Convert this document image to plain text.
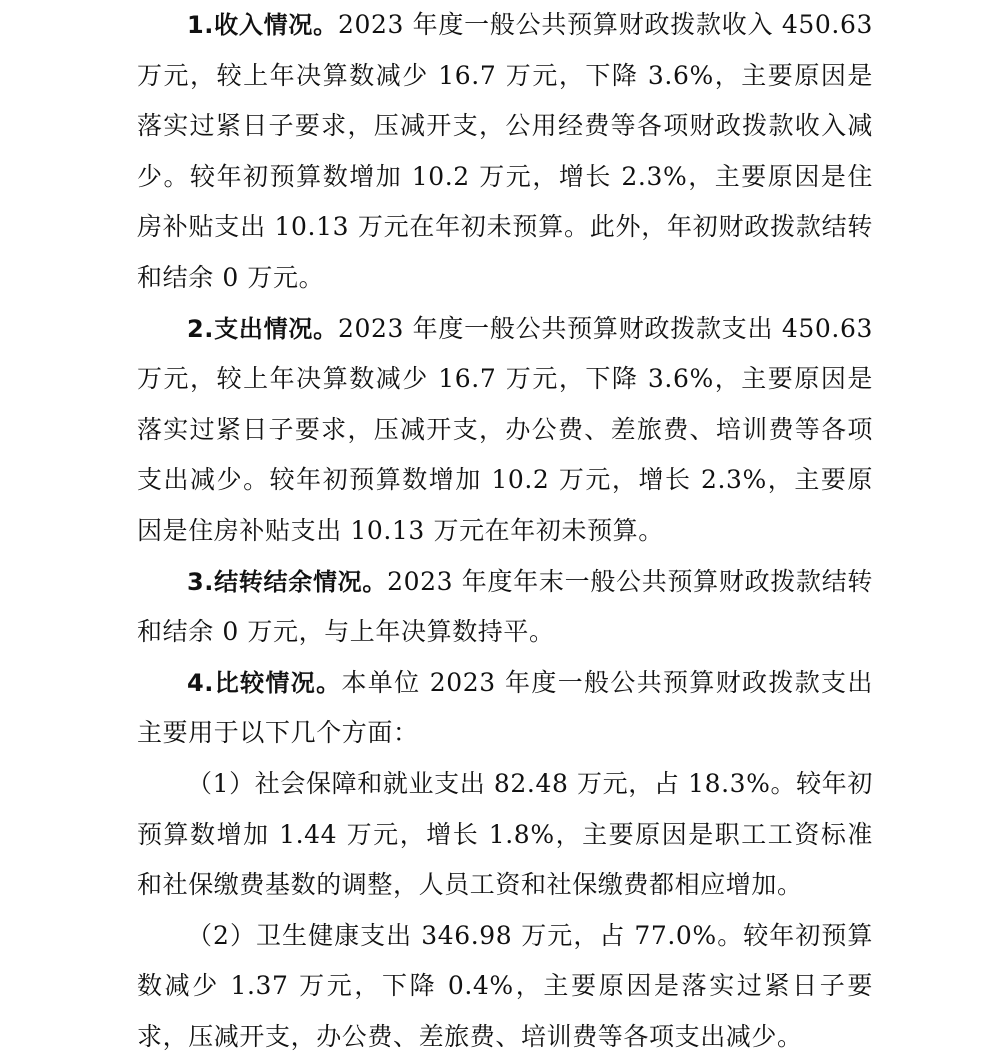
1.收入情况。2023 年度一般公共预算财政拨款收入 450.63 万元，较上年决算数减少 16.7 万元，下降 3.6%，主要原因是落实过紧日子要求，压减开支，公用经费等各项财政拨款收入减少。较年初预算数增加 10.2 万元，增长 2.3%，主要原因是住房补贴支出 10.13 万元在年初未预算。此外，年初财政拨款结转和结余 0 万元。

2.支出情况。2023 年度一般公共预算财政拨款支出 450.63 万元，较上年决算数减少 16.7 万元，下降 3.6%，主要原因是落实过紧日子要求，压减开支，办公费、差旅费、培训费等各项支出减少。较年初预算数增加 10.2 万元，增长 2.3%，主要原因是住房补贴支出 10.13 万元在年初未预算。

3.结转结余情况。2023 年度年末一般公共预算财政拨款结转和结余 0 万元，与上年决算数持平。

4.比较情况。本单位 2023 年度一般公共预算财政拨款支出主要用于以下几个方面：

（1）社会保障和就业支出 82.48 万元，占 18.3%。较年初预算数增加 1.44 万元，增长 1.8%，主要原因是职工工资标准和社保缴费基数的调整，人员工资和社保缴费都相应增加。

（2）卫生健康支出 346.98 万元，占 77.0%。较年初预算数减少 1.37 万元，下降 0.4%，主要原因是落实过紧日子要求，压减开支，办公费、差旅费、培训费等各项支出减少。
